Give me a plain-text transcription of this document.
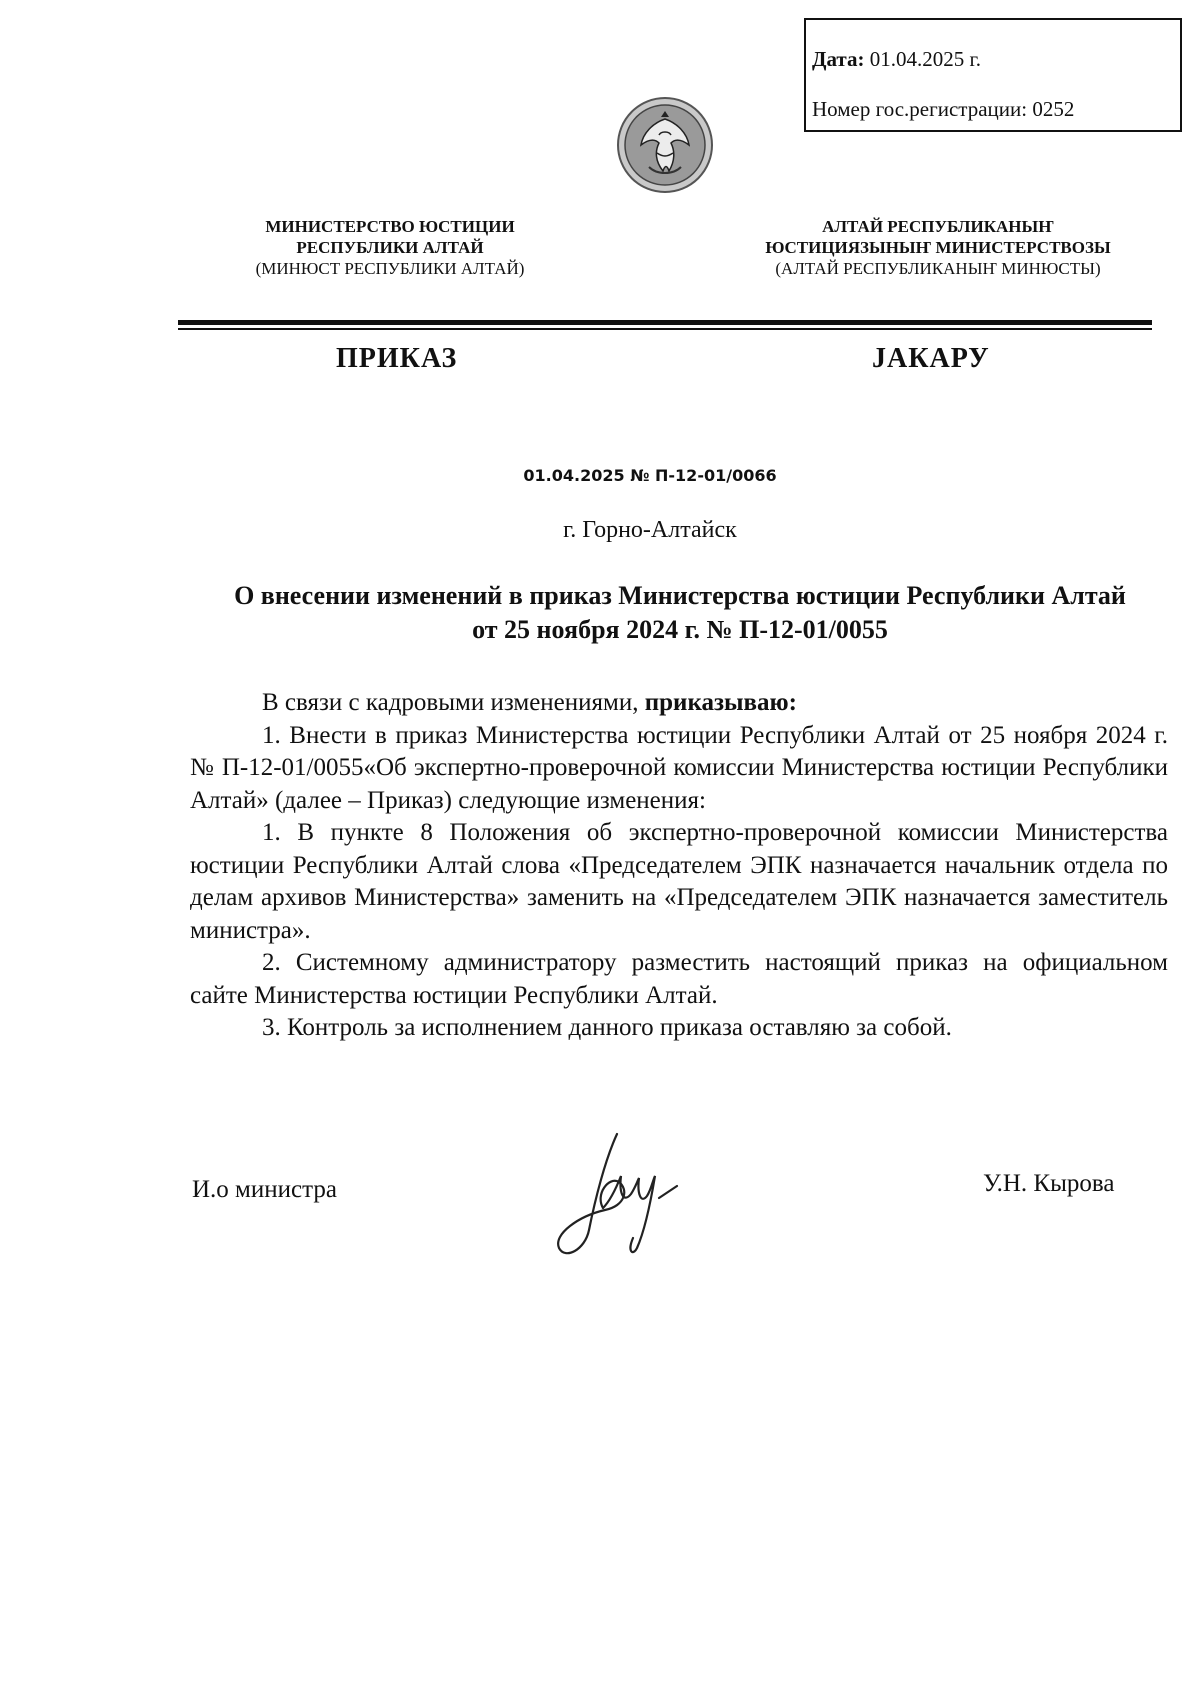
Дата: 01.04.2025 г.
Номер гос.регистрации: 0252
МИНИСТЕРСТВО ЮСТИЦИИ
РЕСПУБЛИКИ АЛТАЙ
(МИНЮСТ РЕСПУБЛИКИ АЛТАЙ)
АЛТАЙ РЕСПУБЛИКАНЫҤ
ЮСТИЦИЯЗЫНЫҤ МИНИСТЕРСТВОЗЫ
(АЛТАЙ РЕСПУБЛИКАНЫҤ МИНЮСТЫ)
ПРИКАЗ	ЈАКАРУ
01.04.2025 № П-12-01/0066
г. Горно-Алтайск
О внесении изменений в приказ Министерства юстиции Республики Алтай
от 25 ноября 2024 г. № П-12-01/0055

В связи с кадровыми изменениями, приказываю:

1. Внести в приказ Министерства юстиции Республики Алтай от 25 ноября 2024 г. № П-12-01/0055«Об экспертно-проверочной комиссии Министерства юстиции Республики Алтай» (далее – Приказ) следующие изменения:

1. В пункте 8 Положения об экспертно-проверочной комиссии Министерства юстиции Республики Алтай слова «Председателем ЭПК назначается начальник отдела по делам архивов Министерства» заменить на «Председателем ЭПК назначается заместитель министра».

2. Системному администратору разместить настоящий приказ на официальном сайте Министерства юстиции Республики Алтай.

3. Контроль за исполнением данного приказа оставляю за собой.

И.о министра	У.Н. Кырова
